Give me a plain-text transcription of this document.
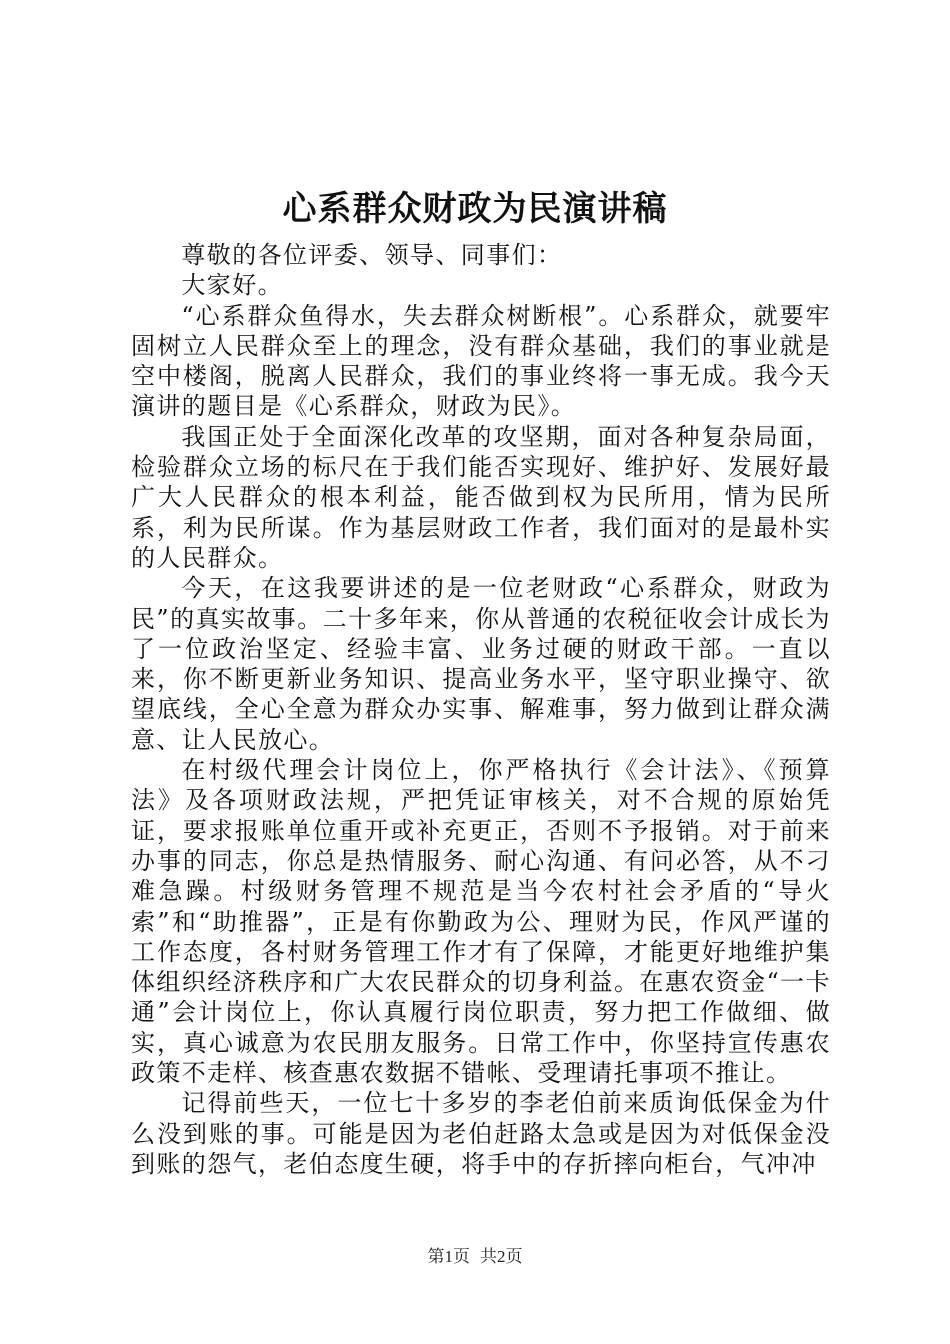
心系群众财政为民演讲稿

尊敬的各位评委、领导、同事们：

大家好。

“心系群众鱼得水，失去群众树断根”。心系群众，就要牢固树立人民群众至上的理念，没有群众基础，我们的事业就是空中楼阁，脱离人民群众，我们的事业终将一事无成。我今天演讲的题目是《心系群众，财政为民》。

我国正处于全面深化改革的攻坚期，面对各种复杂局面，检验群众立场的标尺在于我们能否实现好、维护好、发展好最广大人民群众的根本利益，能否做到权为民所用，情为民所系，利为民所谋。作为基层财政工作者，我们面对的是最朴实的人民群众。

今天，在这我要讲述的是一位老财政“心系群众，财政为民”的真实故事。二十多年来，你从普通的农税征收会计成长为了一位政治坚定、经验丰富、业务过硬的财政干部。一直以来，你不断更新业务知识、提高业务水平，坚守职业操守、欲望底线，全心全意为群众办实事、解难事，努力做到让群众满意、让人民放心。

在村级代理会计岗位上，你严格执行《会计法》、《预算法》及各项财政法规，严把凭证审核关，对不合规的原始凭证，要求报账单位重开或补充更正，否则不予报销。对于前来办事的同志，你总是热情服务、耐心沟通、有问必答，从不刁难急躁。村级财务管理不规范是当今农村社会矛盾的“导火索”和“助推器”，正是有你勤政为公、理财为民，作风严谨的工作态度，各村财务管理工作才有了保障，才能更好地维护集体组织经济秩序和广大农民群众的切身利益。在惠农资金“一卡通”会计岗位上，你认真履行岗位职责，努力把工作做细、做实，真心诚意为农民朋友服务。日常工作中，你坚持宣传惠农政策不走样、核查惠农数据不错帐、受理请托事项不推让。

记得前些天，一位七十多岁的李老伯前来质询低保金为什么没到账的事。可能是因为老伯赶路太急或是因为对低保金没到账的怨气，老伯态度生硬，将手中的存折摔向柜台，气冲冲

第1页 共2页
